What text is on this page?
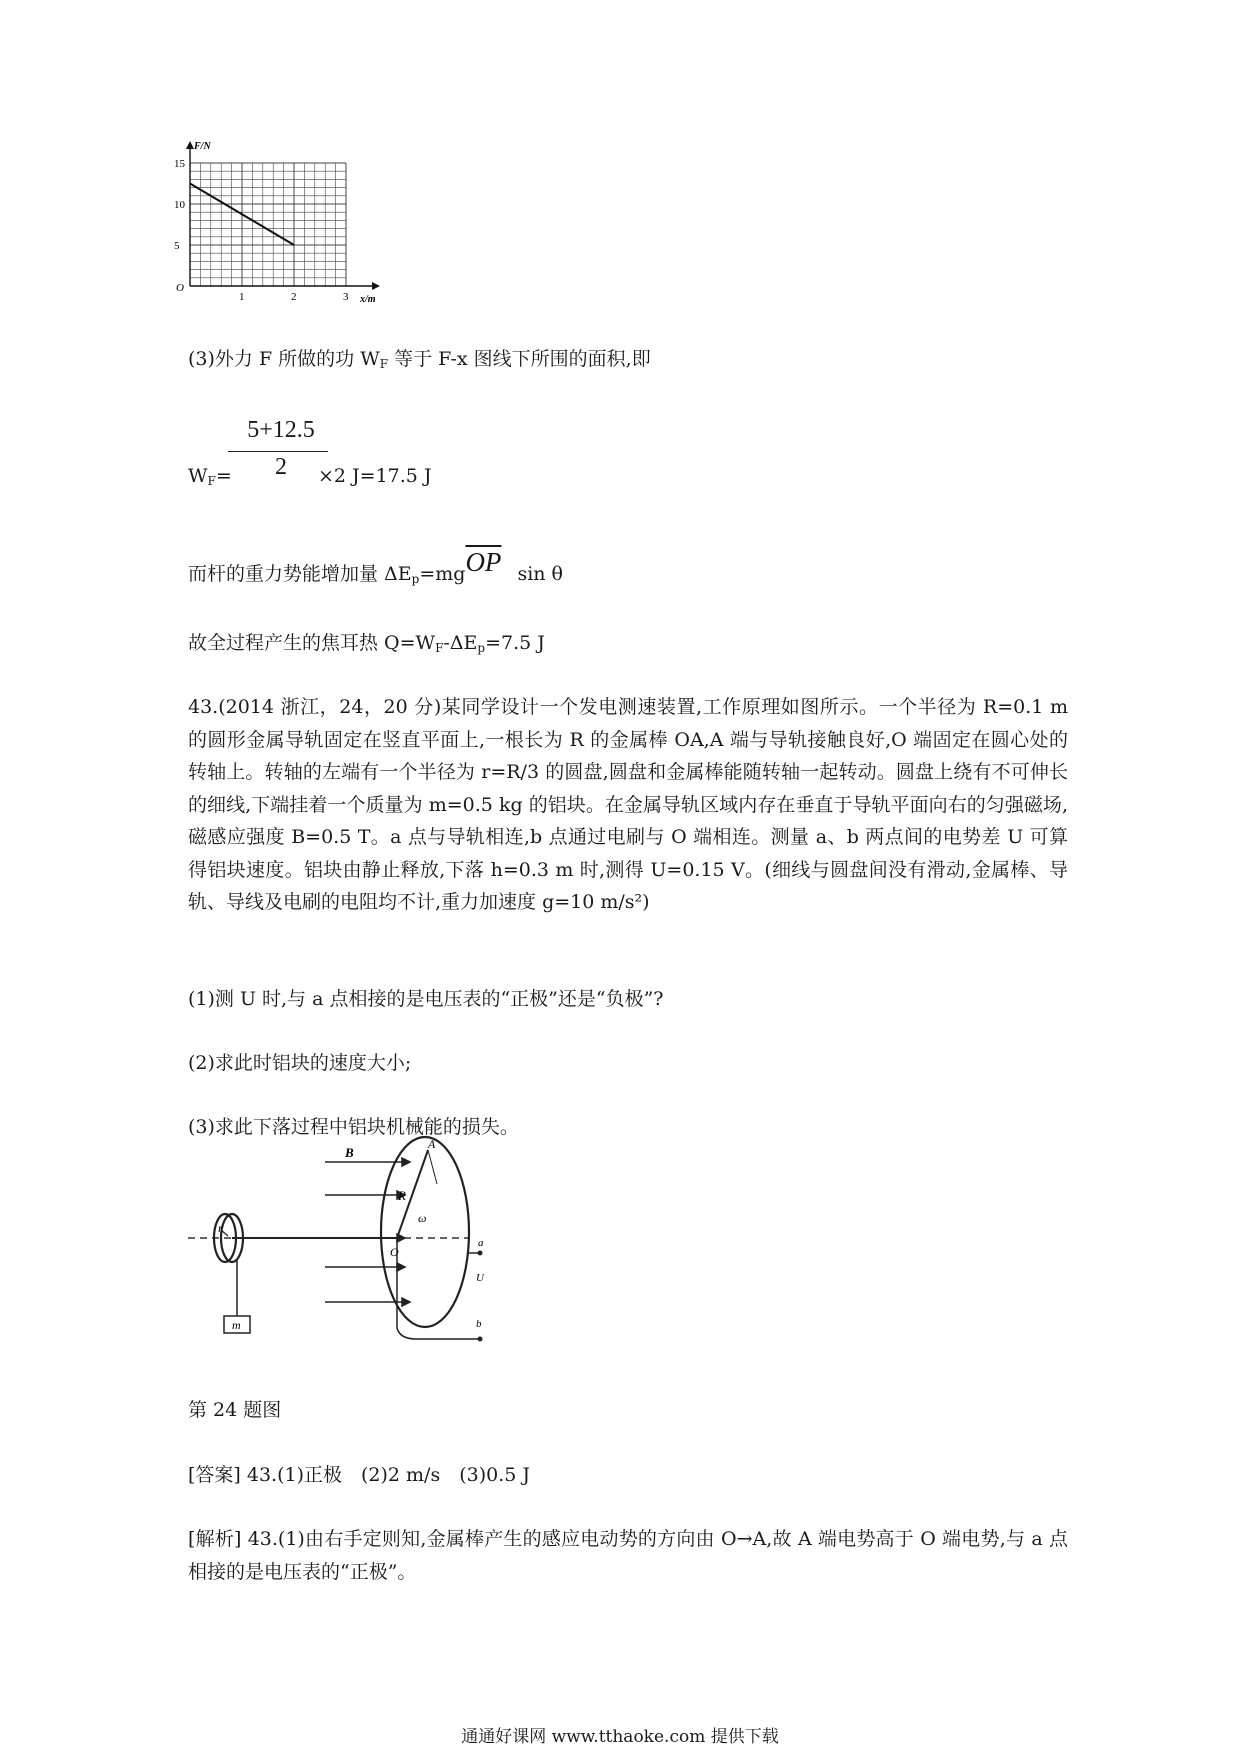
1	2	3
5
10
15
O
F/N
x/m
(3)外力 F 所做的功 WF 等于 F-x 图线下所围的面积,即
WF=
5+12.5
2	×2 J=17.5 J
而杆的重力势能增加量 $\Delta Ep=mg\overline{OP}$ sin θ
故全过程产生的焦耳热 Q=WF-ΔEp=7.5 J
43.(2014 浙江，24，20 分)某同学设计一个发电测速装置,工作原理如图所示。一个半径为 R=0.1 m 的圆形金属导轨固定在竖直平面上,一根长为 R 的金属棒 OA,A 端与导轨接触良好,O 端固定在圆心处的转轴上。转轴的左端有一个半径为 r=R/3 的圆盘,圆盘和金属棒能随转轴一起转动。圆盘上绕有不可伸长的细线,下端挂着一个质量为 m=0.5 kg 的铝块。在金属导轨区域内存在垂直于导轨平面向右的匀强磁场,磁感应强度 B=0.5 T。a 点与导轨相连,b 点通过电刷与 O 端相连。测量 a、b 两点间的电势差 U 可算得铝块速度。铝块由静止释放,下落 h=0.3 m 时,测得 U=0.15 V。(细线与圆盘间没有滑动,金属棒、导轨、导线及电刷的电阻均不计,重力加速度 g=10 m/s²)
(1)测 U 时,与 a 点相接的是电压表的“正极”还是“负极”?
(2)求此时铝块的速度大小;
(3)求此下落过程中铝块机械能的损失。
r
m
B
A
R
ω
O
a
U
b
第 24 题图
[答案] 43.(1)正极　(2)2 m/s　(3)0.5 J
[解析] 43.(1)由右手定则知,金属棒产生的感应电动势的方向由 O→A,故 A 端电势高于 O 端电势,与 a 点相接的是电压表的“正极”。
通通好课网 www.tthaoke.com 提供下载
